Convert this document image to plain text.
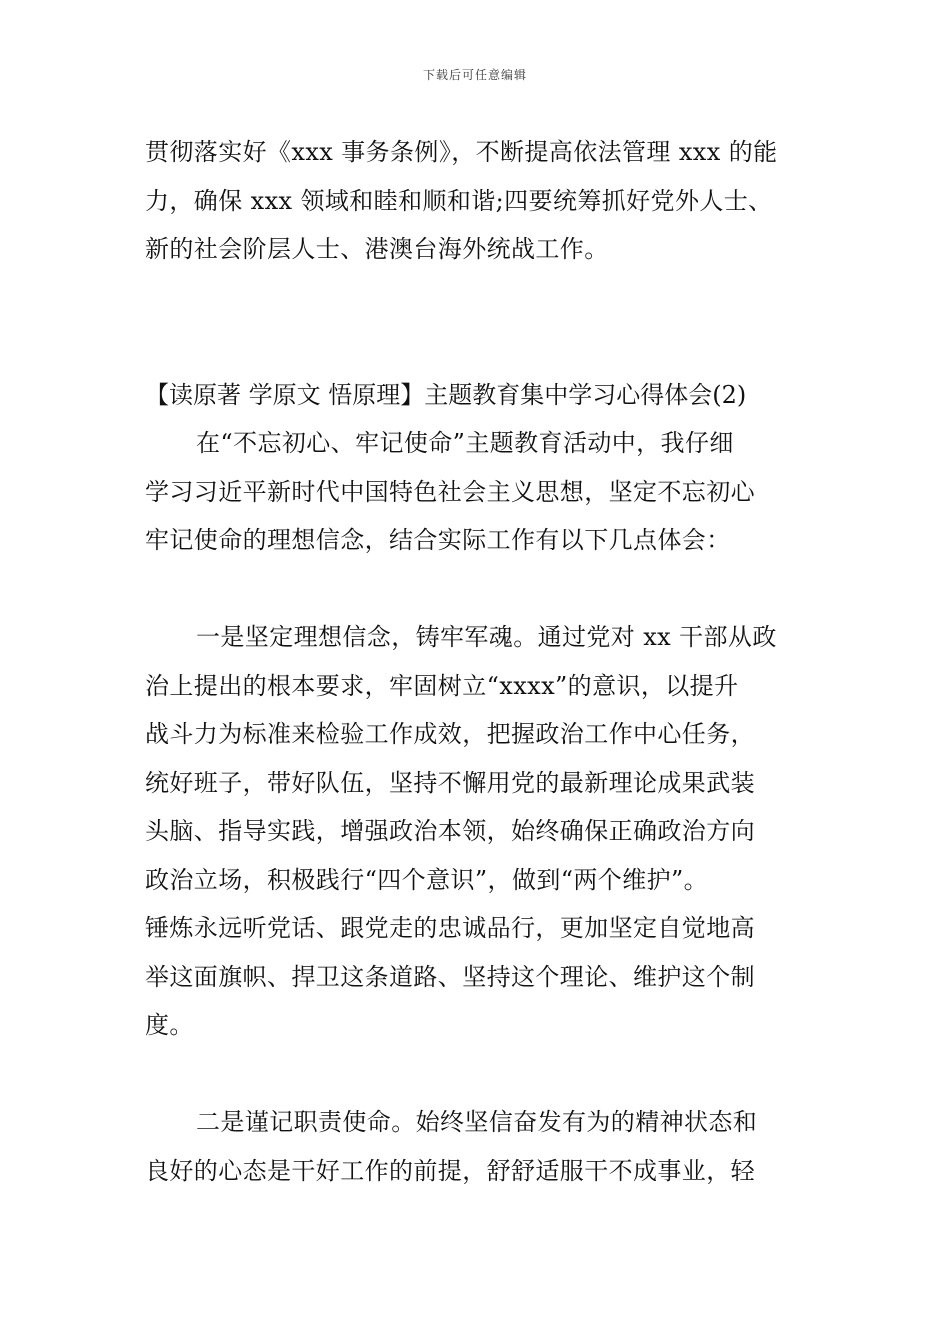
下载后可任意编辑
贯彻落实好《xxx 事务条例》，不断提高依法管理 xxx 的能
力，确保 xxx 领域和睦和顺和谐;四要统筹抓好党外人士、
新的社会阶层人士、港澳台海外统战工作。
【读原著 学原文 悟原理】主题教育集中学习心得体会(2)
在“不忘初心、牢记使命”主题教育活动中，我仔细
学习习近平新时代中国特色社会主义思想，坚定不忘初心
牢记使命的理想信念，结合实际工作有以下几点体会：
一是坚定理想信念，铸牢军魂。通过党对 xx 干部从政
治上提出的根本要求，牢固树立“xxxx”的意识，以提升
战斗力为标准来检验工作成效，把握政治工作中心任务，
统好班子，带好队伍，坚持不懈用党的最新理论成果武装
头脑、指导实践，增强政治本领，始终确保正确政治方向
政治立场，积极践行“四个意识”，做到“两个维护”。
锤炼永远听党话、跟党走的忠诚品行，更加坚定自觉地高
举这面旗帜、捍卫这条道路、坚持这个理论、维护这个制
度。
二是谨记职责使命。始终坚信奋发有为的精神状态和
良好的心态是干好工作的前提，舒舒适服干不成事业，轻
